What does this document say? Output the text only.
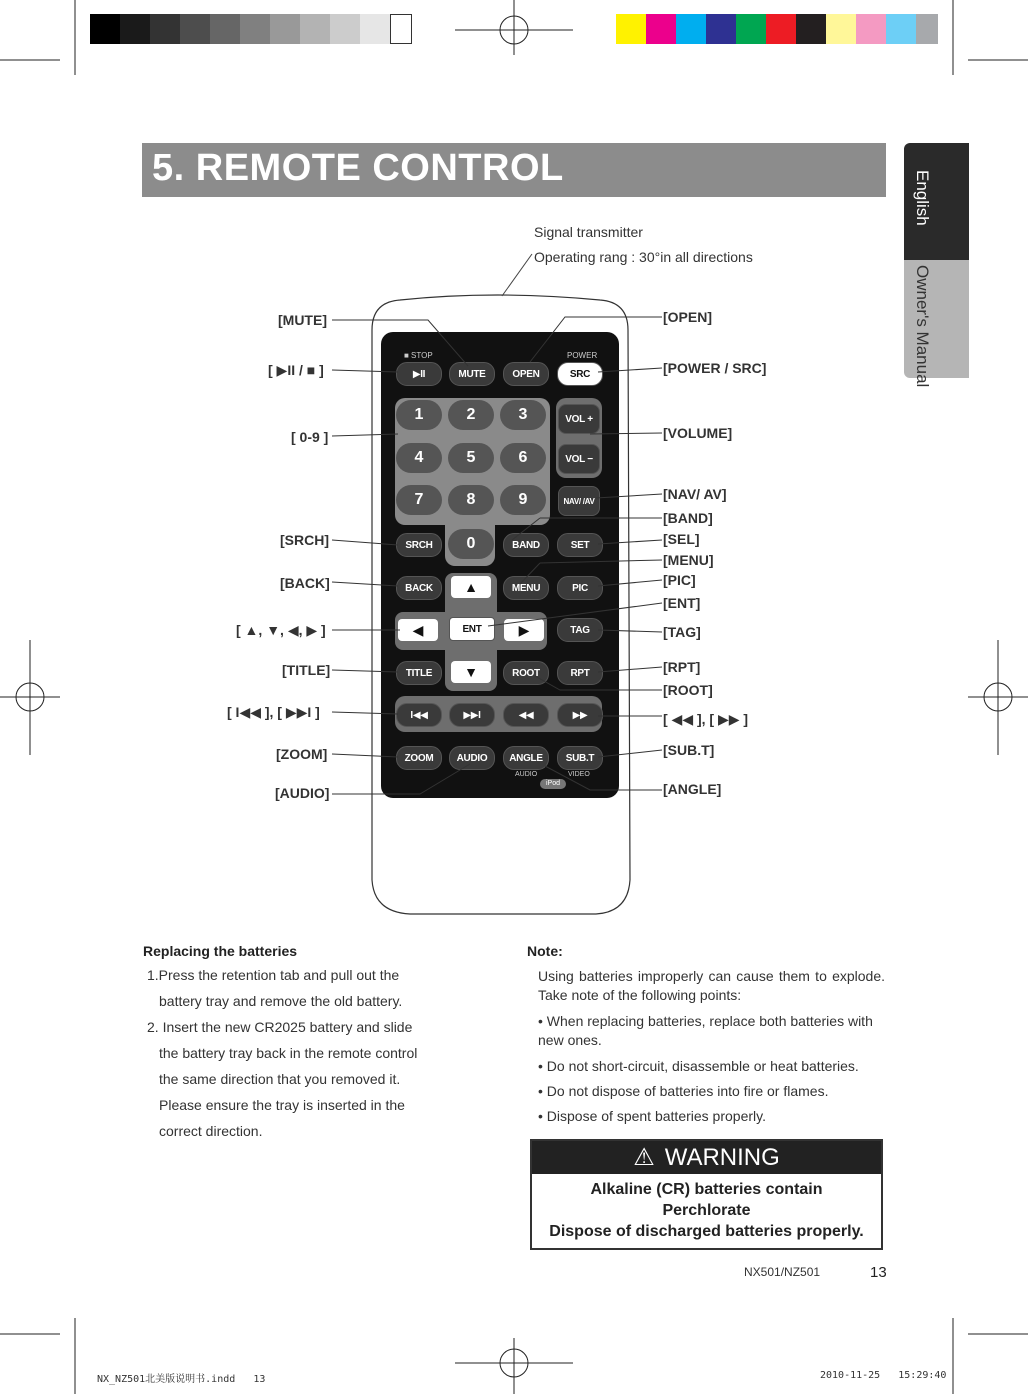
5. REMOTE CONTROL
English
Owner's Manual
Signal transmitter
Operating rang : 30°in all directions
■ STOP	POWER
▶II	MUTE	OPEN	SRC
1	2	3
4	5	6
7	8	9
0
VOL +
VOL −
NAV/ /AV
SRCH	BAND	SET
BACK	▲	MENU	PIC
◀	ENT	▶	TAG
TITLE	▼	ROOT	RPT
I◀◀	▶▶I	◀◀	▶▶
ZOOM	AUDIO	ANGLE	SUB.T
AUDIO	VIDEO
iPod
[MUTE]
[ ▶II / ■ ]
[ 0-9 ]
[SRCH]
[BACK]
[ ▲, ▼, ◀, ▶ ]
[TITLE]
[ I◀◀ ], [ ▶▶I ]
[ZOOM]
[AUDIO]
[OPEN]
[POWER / SRC]
[VOLUME]
[NAV/ AV]
[BAND]
[SEL]
[MENU]
[PIC]
[ENT]
[TAG]
[RPT]
[ROOT]
[ ◀◀ ], [ ▶▶ ]
[SUB.T]
[ANGLE]
Replacing the batteries
1.Press the retention tab and pull out the
battery tray and remove the old battery.
2. Insert the new CR2025 battery and slide
the battery tray back in the remote control
the same direction that you removed it.
Please ensure the tray is inserted in the
correct direction.
Note:
Using batteries improperly can cause them to explode. Take note of the following points:
• When replacing batteries, replace both batteries with new ones.
• Do not short-circuit, disassemble or heat batteries.
• Do not dispose of batteries into fire or flames.
• Dispose of spent batteries properly.
⚠ WARNING
Alkaline (CR) batteries contain
Perchlorate
Dispose of discharged batteries properly.
NX501/NZ501	13
NX_NZ501北美版说明书.indd   13	2010-11-25   15:29:40
